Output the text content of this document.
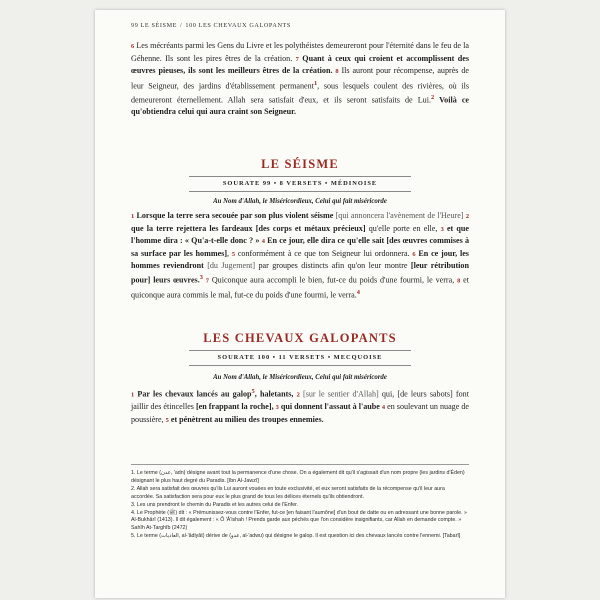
99 LE SÉISME / 100 LES CHEVAUX GALOPANTS

6 Les mécréants parmi les Gens du Livre et les polythéistes demeureront pour l'éternité dans le feu de la Géhenne. Ils sont les pires êtres de la création. 7 Quant à ceux qui croient et accomplissent des œuvres pieuses, ils sont les meilleurs êtres de la création. 8 Ils auront pour récompense, auprès de leur Seigneur, des jardins d'établissement permanent$^1$, sous lesquels coulent des rivières, où ils demeureront éternellement. Allah sera satisfait d'eux, et ils seront satisfaits de Lui.$^2$ Voilà ce qu'obtiendra celui qui aura craint son Seigneur.

LE SÉISME
SOURATE 99 • 8 VERSETS • MÉDINOISE
Au Nom d'Allah, le Miséricordieux, Celui qui fait miséricorde

1 Lorsque la terre sera secouée par son plus violent séisme [qui annoncera l'avènement de l'Heure] 2 que la terre rejettera les fardeaux [des corps et métaux précieux] qu'elle porte en elle, 3 et que l'homme dira : « Qu'a-t-elle donc ? » 4 En ce jour, elle dira ce qu'elle sait [des œuvres commises à sa surface par les hommes], 5 conformément à ce que ton Seigneur lui ordonnera. 6 En ce jour, les hommes reviendront [du Jugement] par groupes distincts afin qu'on leur montre [leur rétribution pour] leurs œuvres.$^3$ 7 Quiconque aura accompli le bien, fut-ce du poids d'une fourmi, le verra, 8 et quiconque aura commis le mal, fut-ce du poids d'une fourmi, le verra.$^4$

LES CHEVAUX GALOPANTS
SOURATE 100 • 11 VERSETS • MECQUOISE
Au Nom d'Allah, le Miséricordieux, Celui qui fait miséricorde

1 Par les chevaux lancés au galop$^5$, haletants, 2 [sur le sentier d'Allah] qui, [de leurs sabots] font jaillir des étincelles [en frappant la roche], 3 qui donnent l'assaut à l'aube 4 en soulevant un nuage de poussière, 5 et pénètrent au milieu des troupes ennemies.

1. Le terme (عدن, 'adn) désigne avant tout la permanence d'une chose. On a également dit qu'il s'agissait d'un nom propre (les jardins d'Éden) désignant le plus haut degré du Paradis. [Ibn Al-Jawzî]

2. Allah sera satisfait des œuvres qu'ils Lui auront vouées en toute exclusivité, et eux seront satisfaits de la récompense qu'il leur aura accordée. Sa satisfaction sera pour eux le plus grand de tous les délices éternels qu'ils obtiendront.

3. Les uns prendront le chemin du Paradis et les autres celui de l'Enfer.

4. Le Prophète (ﷺ) dit : « Prémunissez-vous contre l'Enfer, fut-ce [en faisant l'aumône] d'un bout de datte ou en adressant une bonne parole. » Al-Bukhârî (1413). Il dit également : « Ô 'Â'ishah ! Prends garde aux péchés que l'on considère insignifiants, car Allah en demande compte. » Sahîh At-Targhîb (2472)

5. Le terme (العاديات, al-'âdiyât) dérive de (عدو, al-'adwu) qui désigne le galop. Il est question ici des chevaux lancés contre l'ennemi. [Tabarî]
